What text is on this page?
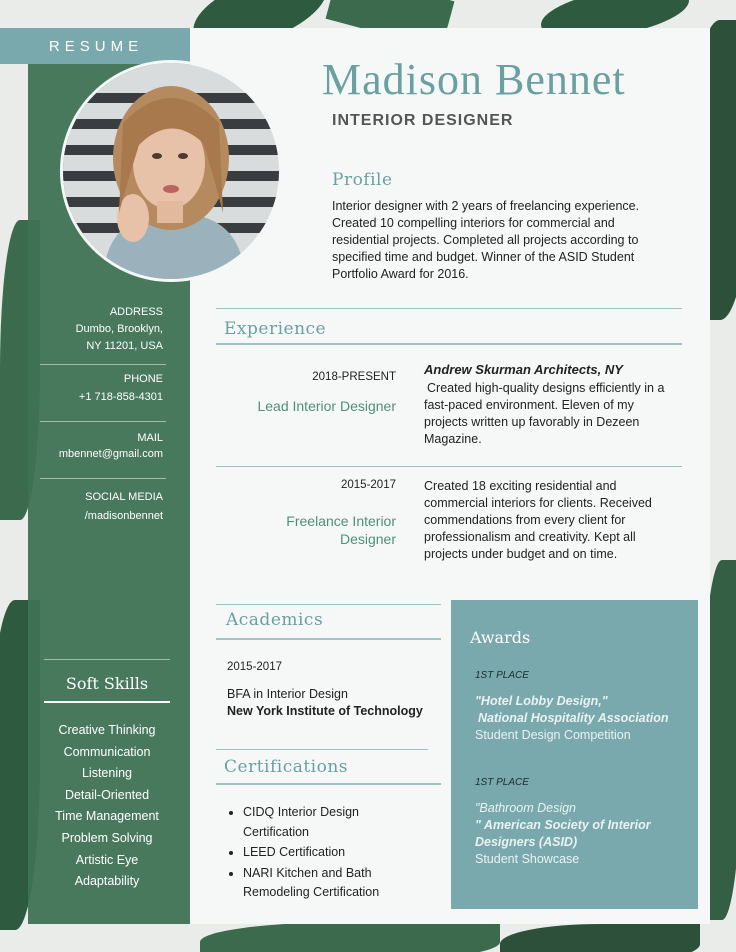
RESUME
Madison Bennet
INTERIOR DESIGNER
ADDRESS
Dumbo, Brooklyn,
NY 11201, USA
PHONE
+1 718-858-4301
MAIL
mbennet@gmail.com
SOCIAL MEDIA
/madisonbennet
Soft Skills
Creative Thinking
Communication
Listening
Detail-Oriented
Time Management
Problem Solving
Artistic Eye
Adaptability
Profile
Interior designer with 2 years of freelancing experience. Created 10 compelling interiors for commercial and residential projects. Completed all projects according to specified time and budget. Winner of the ASID Student Portfolio Award for 2016.
Experience
2018-PRESENT
Lead Interior Designer
Andrew Skurman Architects, NY
Created high-quality designs efficiently in a fast-paced environment. Eleven of my projects written up favorably in Dezeen Magazine.
2015-2017
Freelance Interior Designer
Created 18 exciting residential and commercial interiors for clients. Received commendations from every client for professionalism and creativity. Kept all projects under budget and on time.
Academics
2015-2017
BFA in Interior Design
New York Institute of Technology
Certifications
• CIDQ Interior Design Certification
• LEED Certification
• NARI Kitchen and Bath Remodeling Certification
Awards
1ST PLACE
"Hotel Lobby Design,"
National Hospitality Association
Student Design Competition
1ST PLACE
"Bathroom Design
" American Society of Interior Designers (ASID)
Student Showcase
